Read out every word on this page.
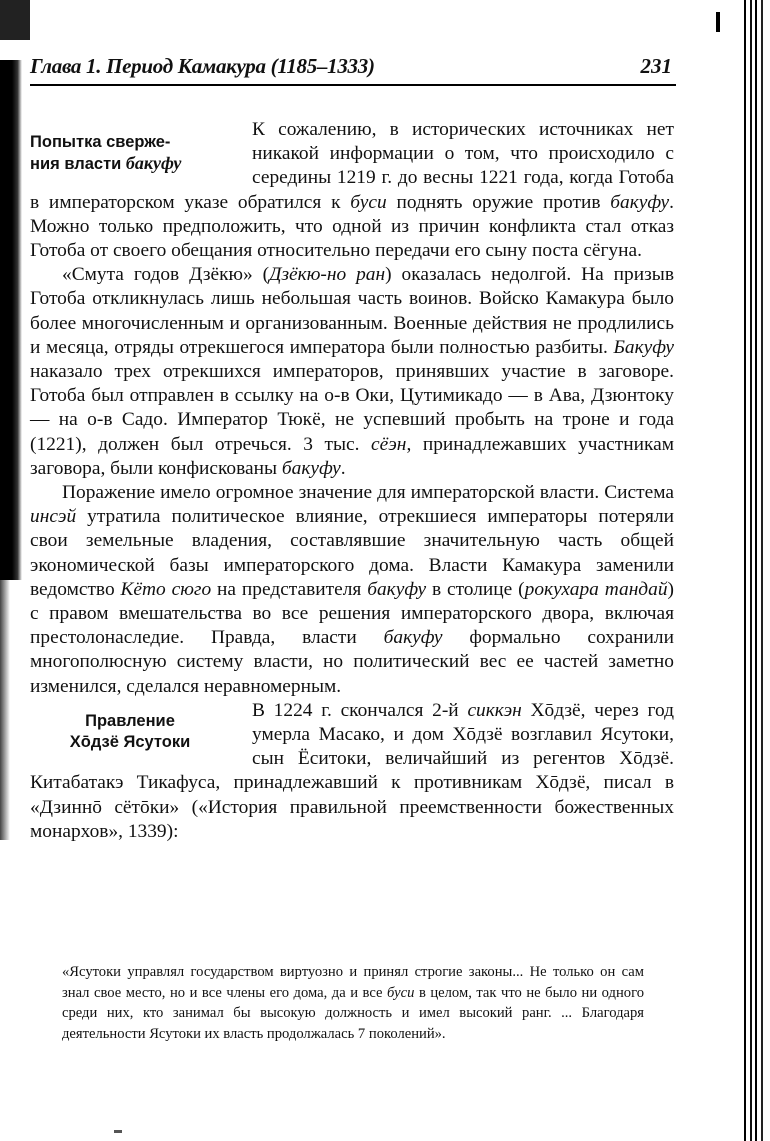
Глава 1. Период Камакура (1185–1333)	231
Попытка сверже-
ния власти бакуфу

К сожалению, в исторических источниках нет никакой информации о том, что происходило с середины 1219 г. до весны 1221 года, когда Готоба в императорском указе обратился к буси поднять оружие против бакуфу. Можно только предположить, что одной из причин конфликта стал отказ Готоба от своего обещания относительно передачи его сыну поста сёгуна.

«Смута годов Дзёкю» (Дзёкю-но ран) оказалась недолгой. На призыв Готоба откликнулась лишь небольшая часть воинов. Войско Камакура было более многочисленным и организованным. Военные действия не продлились и месяца, отряды отрекшегося императора были полностью разбиты. Бакуфу наказало трех отрекшихся императоров, принявших участие в заговоре. Готоба был отправлен в ссылку на о-в Оки, Цутимикадо — в Ава, Дзюнтоку — на о-в Садо. Император Тюкё, не успевший пробыть на троне и года (1221), должен был отречься. 3 тыс. сёэн, принадлежавших участникам заговора, были конфискованы бакуфу.

Поражение имело огромное значение для императорской власти. Система инсэй утратила политическое влияние, отрекшиеся императоры потеряли свои земельные владения, составлявшие значительную часть общей экономической базы императорского дома. Власти Камакура заменили ведомство Кёто сюго на представителя бакуфу в столице (рокухара тандай) с правом вмешательства во все решения императорского двора, включая престолонаследие. Правда, власти бакуфу формально сохранили многополюсную систему власти, но политический вес ее частей заметно изменился, сделался неравномерным.

Правление
Хōдзё Ясутоки

В 1224 г. скончался 2-й сиккэн Хōдзё, через год умерла Масако, и дом Хōдзё возглавил Ясутоки, сын Ёситоки, величайший из регентов Хōдзё. Китабатакэ Тикафуса, принадлежавший к противникам Хōдзё, писал в «Дзиннō сётōки» («История правильной преемственности божественных монархов», 1339):

«Ясутоки управлял государством виртуозно и принял строгие законы... Не только он сам знал свое место, но и все члены его дома, да и все буси в целом, так что не было ни одного среди них, кто занимал бы высокую должность и имел высокий ранг. ... Благодаря деятельности Ясутоки их власть продолжалась 7 поколений».
